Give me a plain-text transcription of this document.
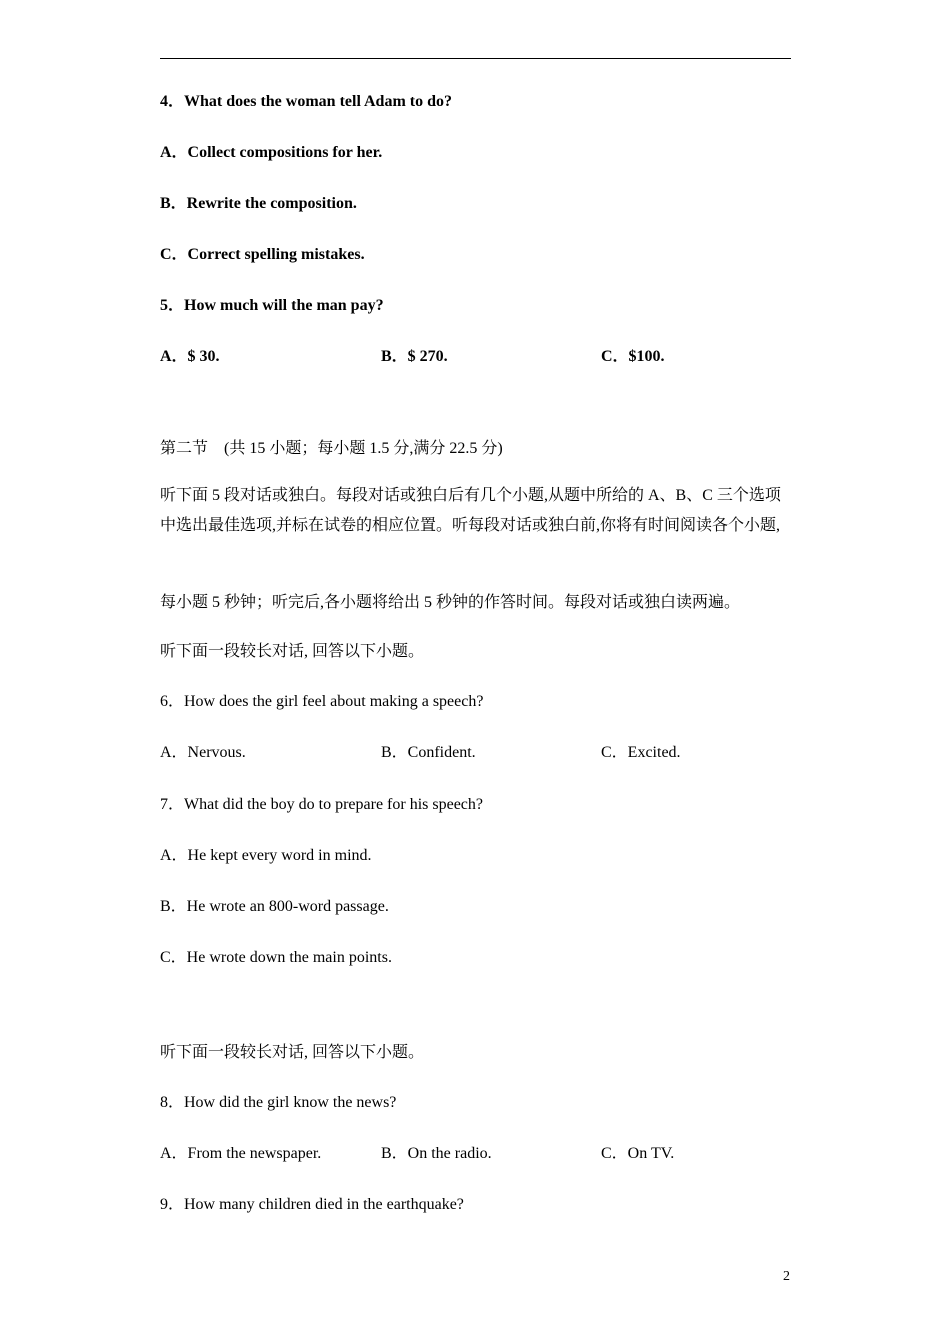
4．What does the woman tell Adam to do?
A．Collect compositions for her.
B．Rewrite the composition.
C．Correct spelling mistakes.
5．How much will the man pay?
A．$ 30.	B．$ 270.	C．$100.
第二节　(共 15 小题；每小题 1.5 分,满分 22.5 分)
听下面 5 段对话或独白。每段对话或独白后有几个小题,从题中所给的 A、B、C 三个选项中选出最佳选项,并标在试卷的相应位置。听每段对话或独白前,你将有时间阅读各个小题,
每小题 5 秒钟；听完后,各小题将给出 5 秒钟的作答时间。每段对话或独白读两遍。
听下面一段较长对话, 回答以下小题。
6．How does the girl feel about making a speech?
A．Nervous.	B．Confident.	C．Excited.
7．What did the boy do to prepare for his speech?
A．He kept every word in mind.
B．He wrote an 800-word passage.
C．He wrote down the main points.
听下面一段较长对话, 回答以下小题。
8．How did the girl know the news?
A．From the newspaper.	B．On the radio.	C．On TV.
9．How many children died in the earthquake?
2
